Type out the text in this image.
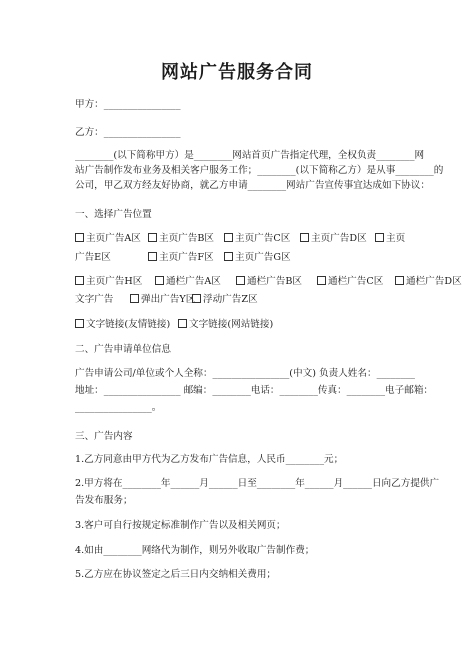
网站广告服务合同
甲方：________________
乙方：________________
________(以下简称甲方）是________网站首页广告指定代理，全权负责________网
站广告制作发布业务及相关客户服务工作；________(以下简称乙方）是从事________的
公司，甲乙双方经友好协商，就乙方申请________网站广告宣传事宜达成如下协议：
一、选择广告位置
主页广告A区	主页广告B区	主页广告C区	主页广告D区	主页
广告E区	主页广告F区	主页广告G区
主页广告H区	通栏广告A区	通栏广告B区	通栏广告C区	通栏广告D区
文字广告	弹出广告Y区 浮动广告Z区
文字链接(友情链接)	文字链接(网站链接)
二、广告申请单位信息
广告申请公司/单位或个人全称：________________(中文) 负责人姓名：________
地址：________________ 邮编：________电话：________传真：________电子邮箱：
________________。
三、广告内容
1.乙方同意由甲方代为乙方发布广告信息，人民币________元；
2.甲方将在________年______月______日至________年______月______日向乙方提供广
告发布服务；
3.客户可自行按规定标准制作广告以及相关网页；
4.如由________网络代为制作，则另外收取广告制作费；
5.乙方应在协议签定之后三日内交纳相关费用；
